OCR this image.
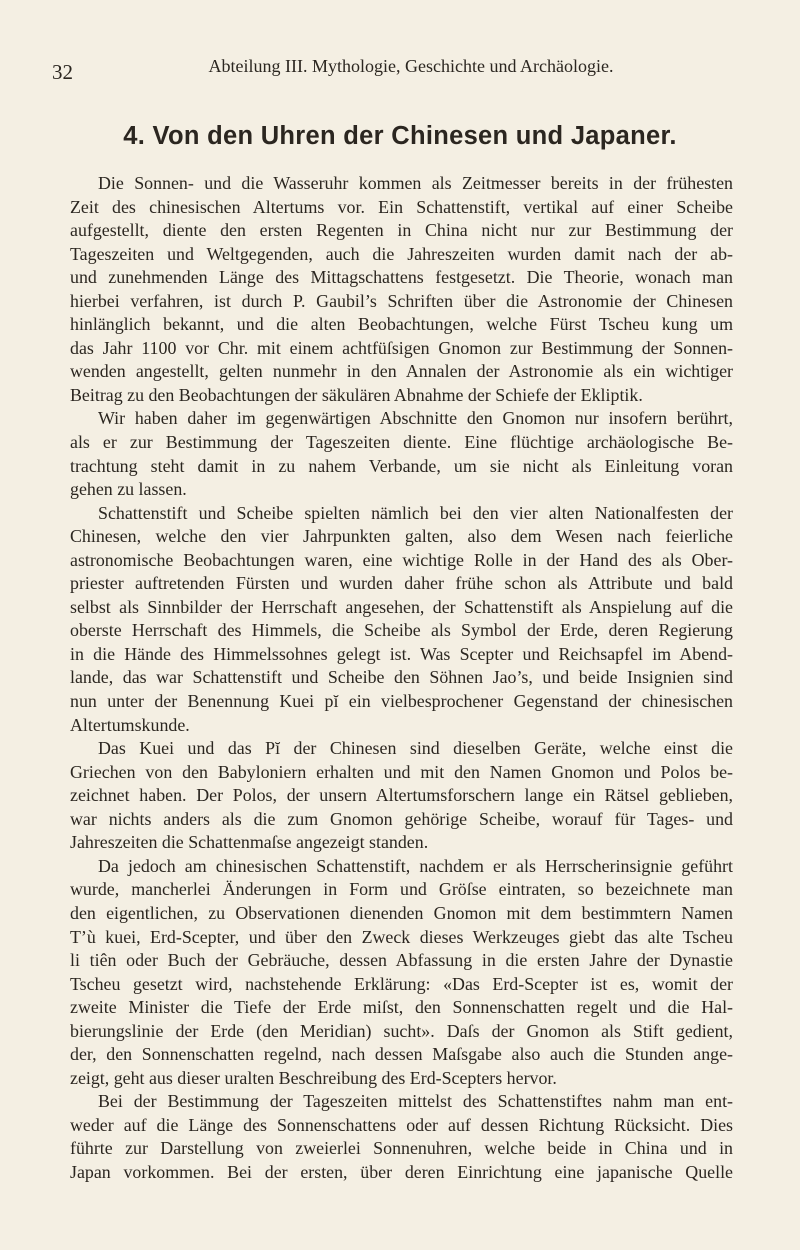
32	Abteilung III. Mythologie, Geschichte und Archäologie.
4. Von den Uhren der Chinesen und Japaner.

Die Sonnen- und die Wasseruhr kommen als Zeitmesser bereits in der frühesten
Zeit des chinesischen Altertums vor. Ein Schattenstift, vertikal auf einer Scheibe
aufgestellt, diente den ersten Regenten in China nicht nur zur Bestimmung der
Tageszeiten und Weltgegenden, auch die Jahreszeiten wurden damit nach der ab-
und zunehmenden Länge des Mittagschattens festgesetzt. Die Theorie, wonach man
hierbei verfahren, ist durch P. Gaubil’s Schriften über die Astronomie der Chinesen
hinlänglich bekannt, und die alten Beobachtungen, welche Fürst Tscheu kung um
das Jahr 1100 vor Chr. mit einem achtfüſsigen Gnomon zur Bestimmung der Sonnen-
wenden angestellt, gelten nunmehr in den Annalen der Astronomie als ein wichtiger
Beitrag zu den Beobachtungen der säkulären Abnahme der Schiefe der Ekliptik.

Wir haben daher im gegenwärtigen Abschnitte den Gnomon nur insofern berührt,
als er zur Bestimmung der Tageszeiten diente. Eine flüchtige archäologische Be-
trachtung steht damit in zu nahem Verbande, um sie nicht als Einleitung voran
gehen zu lassen.

Schattenstift und Scheibe spielten nämlich bei den vier alten Nationalfesten der
Chinesen, welche den vier Jahrpunkten galten, also dem Wesen nach feierliche
astronomische Beobachtungen waren, eine wichtige Rolle in der Hand des als Ober-
priester auftretenden Fürsten und wurden daher frühe schon als Attribute und bald
selbst als Sinnbilder der Herrschaft angesehen, der Schattenstift als Anspielung auf die
oberste Herrschaft des Himmels, die Scheibe als Symbol der Erde, deren Regierung
in die Hände des Himmelssohnes gelegt ist. Was Scepter und Reichsapfel im Abend-
lande, das war Schattenstift und Scheibe den Söhnen Jao’s, und beide Insignien sind
nun unter der Benennung Kuei pĭ ein vielbesprochener Gegenstand der chinesischen
Altertumskunde.

Das Kuei und das Pĭ der Chinesen sind dieselben Geräte, welche einst die
Griechen von den Babyloniern erhalten und mit den Namen Gnomon und Polos be-
zeichnet haben. Der Polos, der unsern Altertumsforschern lange ein Rätsel geblieben,
war nichts anders als die zum Gnomon gehörige Scheibe, worauf für Tages- und
Jahreszeiten die Schattenmaſse angezeigt standen.

Da jedoch am chinesischen Schattenstift, nachdem er als Herrscherinsignie geführt
wurde, mancherlei Änderungen in Form und Gröſse eintraten, so bezeichnete man
den eigentlichen, zu Observationen dienenden Gnomon mit dem bestimmtern Namen
T’ù kuei, Erd-Scepter, und über den Zweck dieses Werkzeuges giebt das alte Tscheu
li tiên oder Buch der Gebräuche, dessen Abfassung in die ersten Jahre der Dynastie
Tscheu gesetzt wird, nachstehende Erklärung: «Das Erd-Scepter ist es, womit der
zweite Minister die Tiefe der Erde miſst, den Sonnenschatten regelt und die Hal-
bierungslinie der Erde (den Meridian) sucht». Daſs der Gnomon als Stift gedient,
der, den Sonnenschatten regelnd, nach dessen Maſsgabe also auch die Stunden ange-
zeigt, geht aus dieser uralten Beschreibung des Erd-Scepters hervor.

Bei der Bestimmung der Tageszeiten mittelst des Schattenstiftes nahm man ent-
weder auf die Länge des Sonnenschattens oder auf dessen Richtung Rücksicht. Dies
führte zur Darstellung von zweierlei Sonnenuhren, welche beide in China und in
Japan vorkommen. Bei der ersten, über deren Einrichtung eine japanische Quelle
